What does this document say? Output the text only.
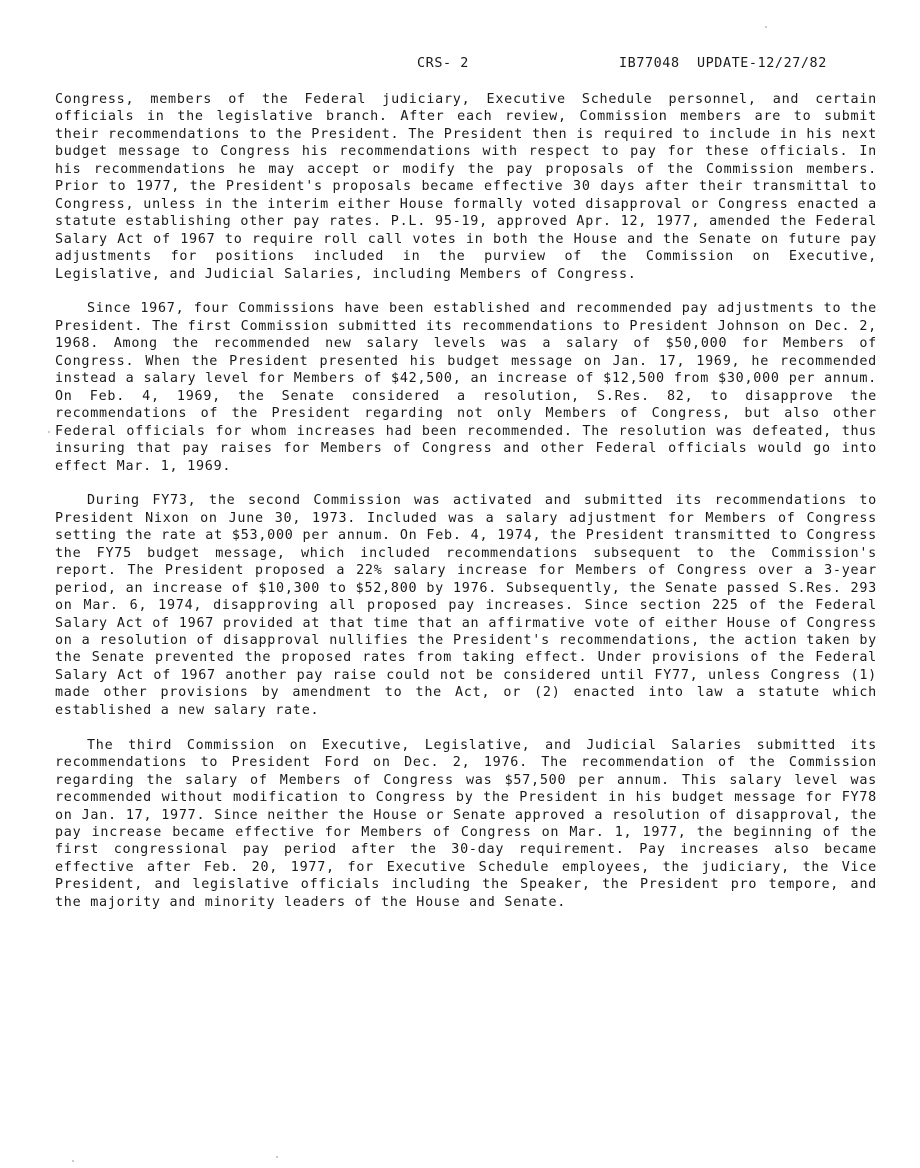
CRS- 2	IB77048  UPDATE-12/27/82

Congress, members of the Federal judiciary, Executive Schedule personnel, and certain officials in the legislative branch. After each review, Commission members are to submit their recommendations to the President. The President then is required to include in his next budget message to Congress his recommendations with respect to pay for these officials. In his recommendations he may accept or modify the pay proposals of the Commission members. Prior to 1977, the President's proposals became effective 30 days after their transmittal to Congress, unless in the interim either House formally voted disapproval or Congress enacted a statute establishing other pay rates. P.L. 95-19, approved Apr. 12, 1977, amended the Federal Salary Act of 1967 to require roll call votes in both the House and the Senate on future pay adjustments for positions included in the purview of the Commission on Executive, Legislative, and Judicial Salaries, including Members of Congress.

Since 1967, four Commissions have been established and recommended pay adjustments to the President. The first Commission submitted its recommendations to President Johnson on Dec. 2, 1968. Among the recommended new salary levels was a salary of $50,000 for Members of Congress. When the President presented his budget message on Jan. 17, 1969, he recommended instead a salary level for Members of $42,500, an increase of $12,500 from $30,000 per annum. On Feb. 4, 1969, the Senate considered a resolution, S.Res. 82, to disapprove the recommendations of the President regarding not only Members of Congress, but also other Federal officials for whom increases had been recommended. The resolution was defeated, thus insuring that pay raises for Members of Congress and other Federal officials would go into effect Mar. 1, 1969.

During FY73, the second Commission was activated and submitted its recommendations to President Nixon on June 30, 1973. Included was a salary adjustment for Members of Congress setting the rate at $53,000 per annum. On Feb. 4, 1974, the President transmitted to Congress the FY75 budget message, which included recommendations subsequent to the Commission's report. The President proposed a 22% salary increase for Members of Congress over a 3-year period, an increase of $10,300 to $52,800 by 1976. Subsequently, the Senate passed S.Res. 293 on Mar. 6, 1974, disapproving all proposed pay increases. Since section 225 of the Federal Salary Act of 1967 provided at that time that an affirmative vote of either House of Congress on a resolution of disapproval nullifies the President's recommendations, the action taken by the Senate prevented the proposed rates from taking effect. Under provisions of the Federal Salary Act of 1967 another pay raise could not be considered until FY77, unless Congress (1) made other provisions by amendment to the Act, or (2) enacted into law a statute which established a new salary rate.

The third Commission on Executive, Legislative, and Judicial Salaries submitted its recommendations to President Ford on Dec. 2, 1976. The recommendation of the Commission regarding the salary of Members of Congress was $57,500 per annum. This salary level was recommended without modification to Congress by the President in his budget message for FY78 on Jan. 17, 1977. Since neither the House or Senate approved a resolution of disapproval, the pay increase became effective for Members of Congress on Mar. 1, 1977, the beginning of the first congressional pay period after the 30-day requirement. Pay increases also became effective after Feb. 20, 1977, for Executive Schedule employees, the judiciary, the Vice President, and legislative officials including the Speaker, the President pro tempore, and the majority and minority leaders of the House and Senate.
